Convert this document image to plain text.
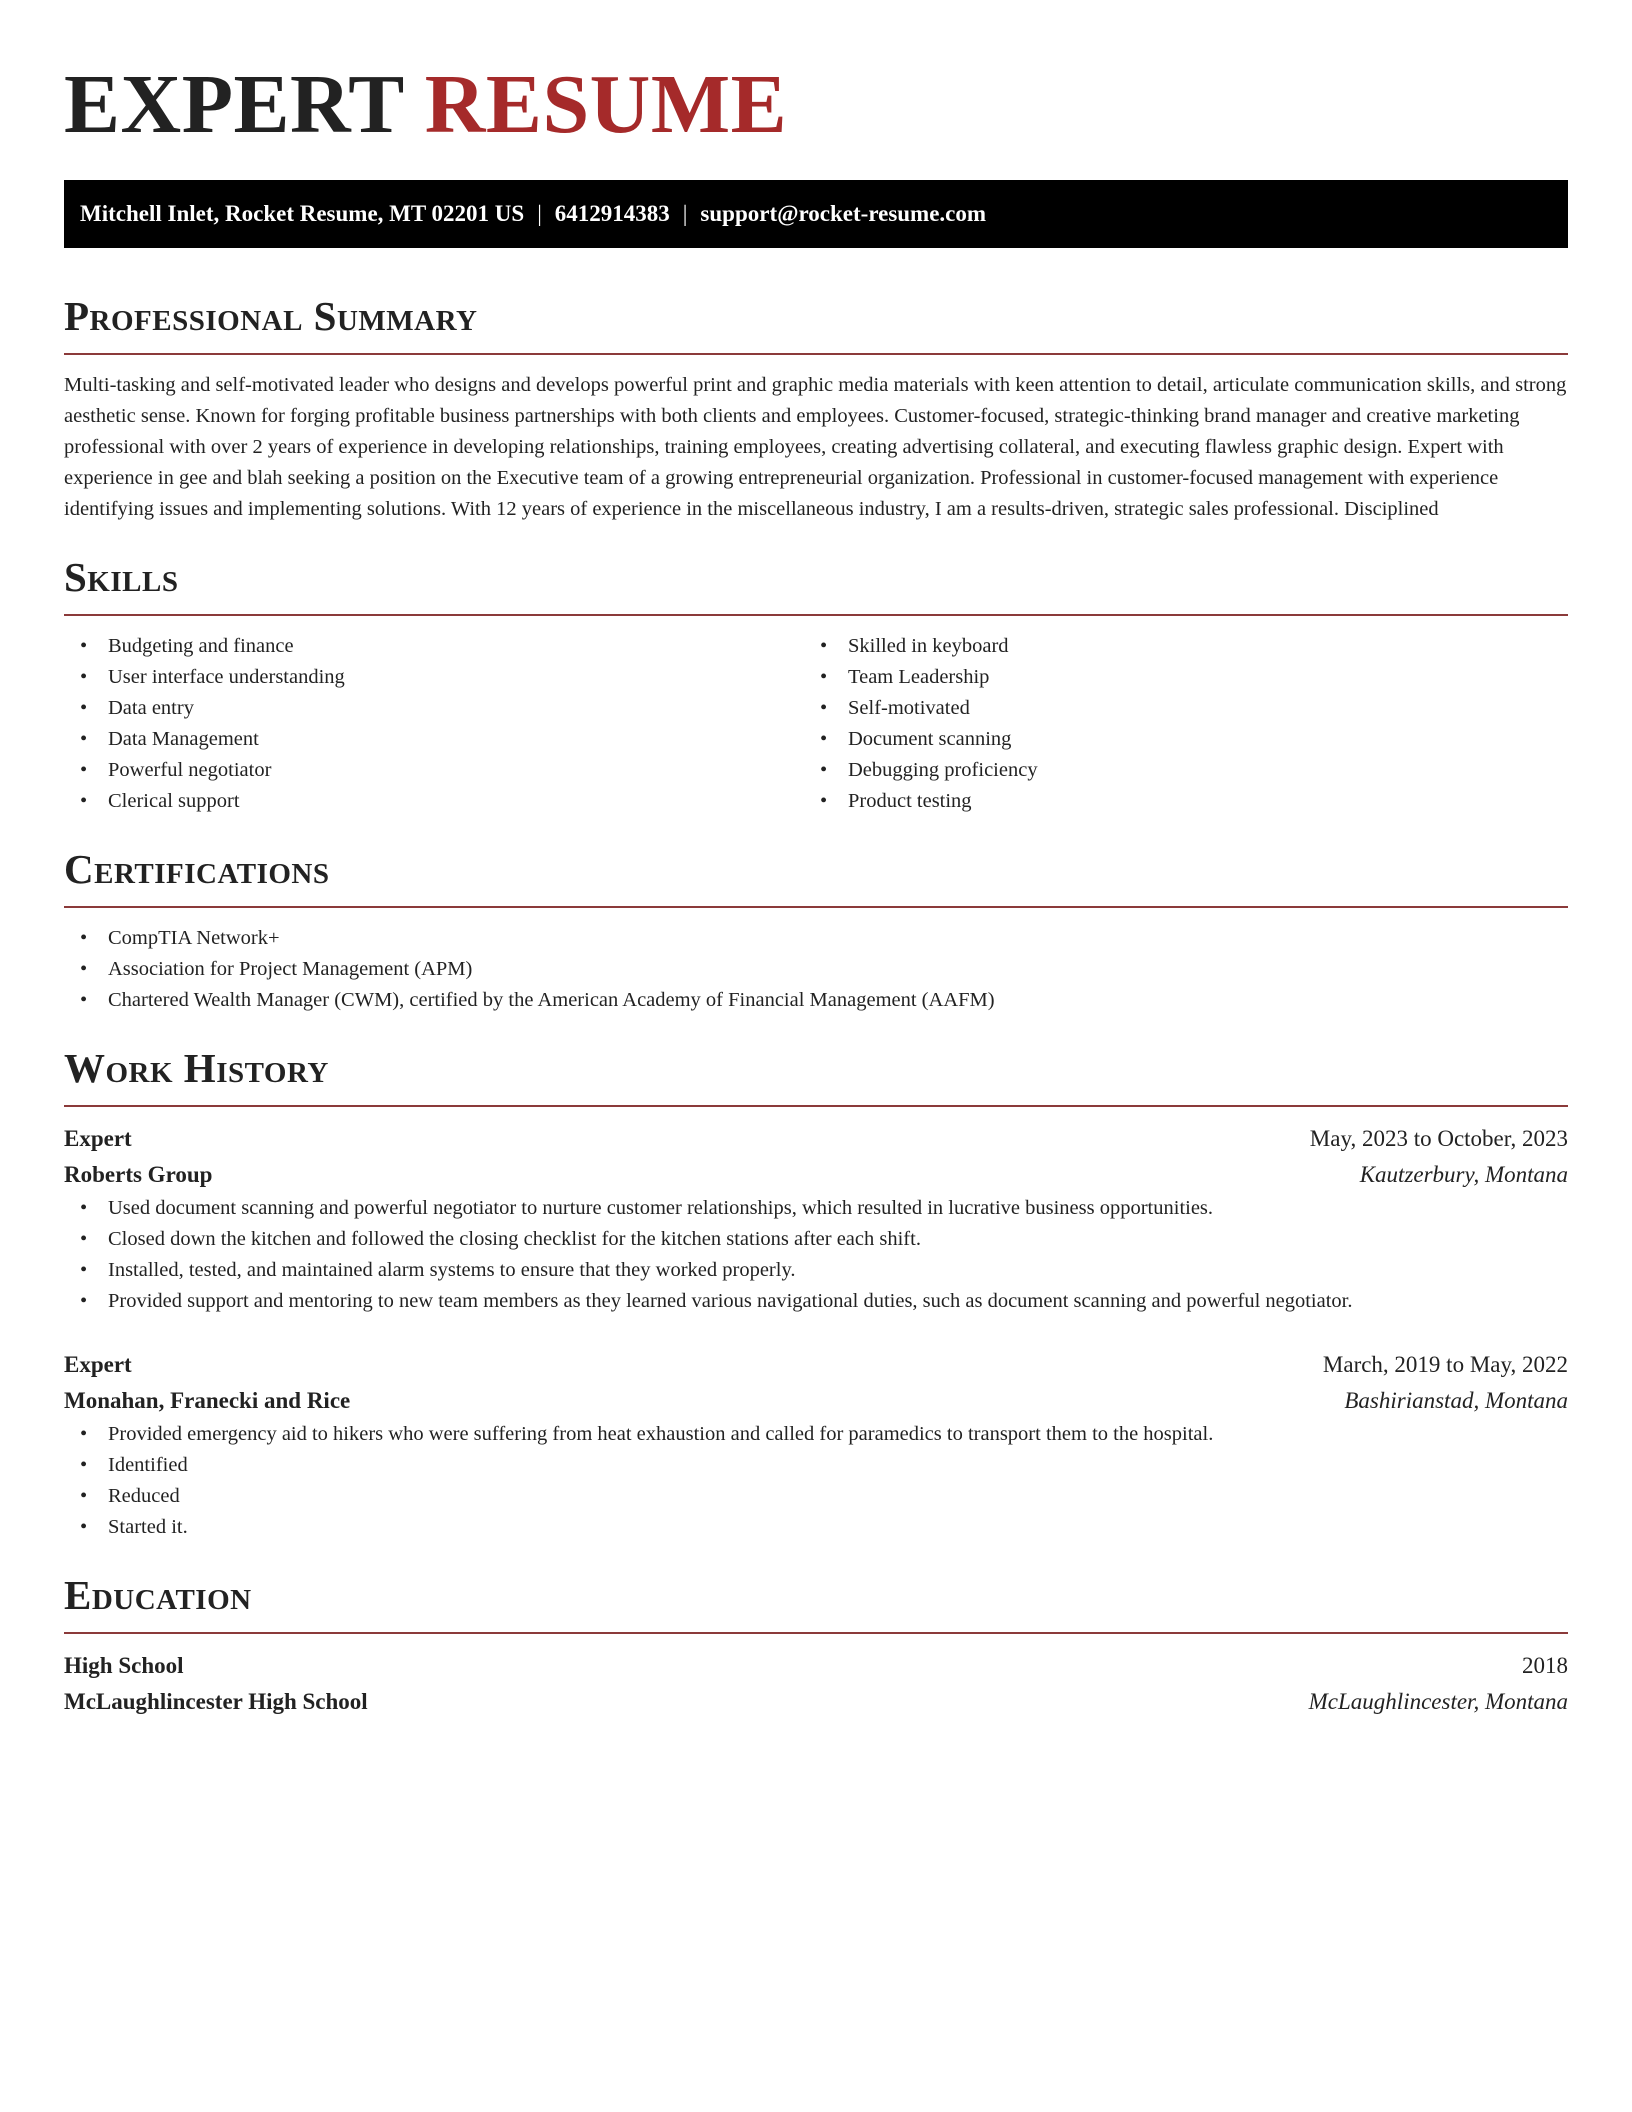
EXPERT RESUME
Mitchell Inlet, Rocket Resume, MT 02201 US | 6412914383 | support@rocket-resume.com
Professional Summary
Multi-tasking and self-motivated leader who designs and develops powerful print and graphic media materials with keen attention to detail, articulate communication skills, and strong aesthetic sense. Known for forging profitable business partnerships with both clients and employees. Customer-focused, strategic-thinking brand manager and creative marketing professional with over 2 years of experience in developing relationships, training employees, creating advertising collateral, and executing flawless graphic design. Expert with experience in gee and blah seeking a position on the Executive team of a growing entrepreneurial organization. Professional in customer-focused management with experience identifying issues and implementing solutions. With 12 years of experience in the miscellaneous industry, I am a results-driven, strategic sales professional. Disciplined
Skills
• Budgeting and finance
• User interface understanding
• Data entry
• Data Management
• Powerful negotiator
• Clerical support
• Skilled in keyboard
• Team Leadership
• Self-motivated
• Document scanning
• Debugging proficiency
• Product testing
Certifications
• CompTIA Network+
• Association for Project Management (APM)
• Chartered Wealth Manager (CWM), certified by the American Academy of Financial Management (AAFM)
Work History
Expert	May, 2023 to October, 2023
Roberts Group	Kautzerbury, Montana
• Used document scanning and powerful negotiator to nurture customer relationships, which resulted in lucrative business opportunities.
• Closed down the kitchen and followed the closing checklist for the kitchen stations after each shift.
• Installed, tested, and maintained alarm systems to ensure that they worked properly.
• Provided support and mentoring to new team members as they learned various navigational duties, such as document scanning and powerful negotiator.
Expert	March, 2019 to May, 2022
Monahan, Franecki and Rice	Bashirianstad, Montana
• Provided emergency aid to hikers who were suffering from heat exhaustion and called for paramedics to transport them to the hospital.
• Identified
• Reduced
• Started it.
Education
High School	2018
McLaughlincester High School	McLaughlincester, Montana
